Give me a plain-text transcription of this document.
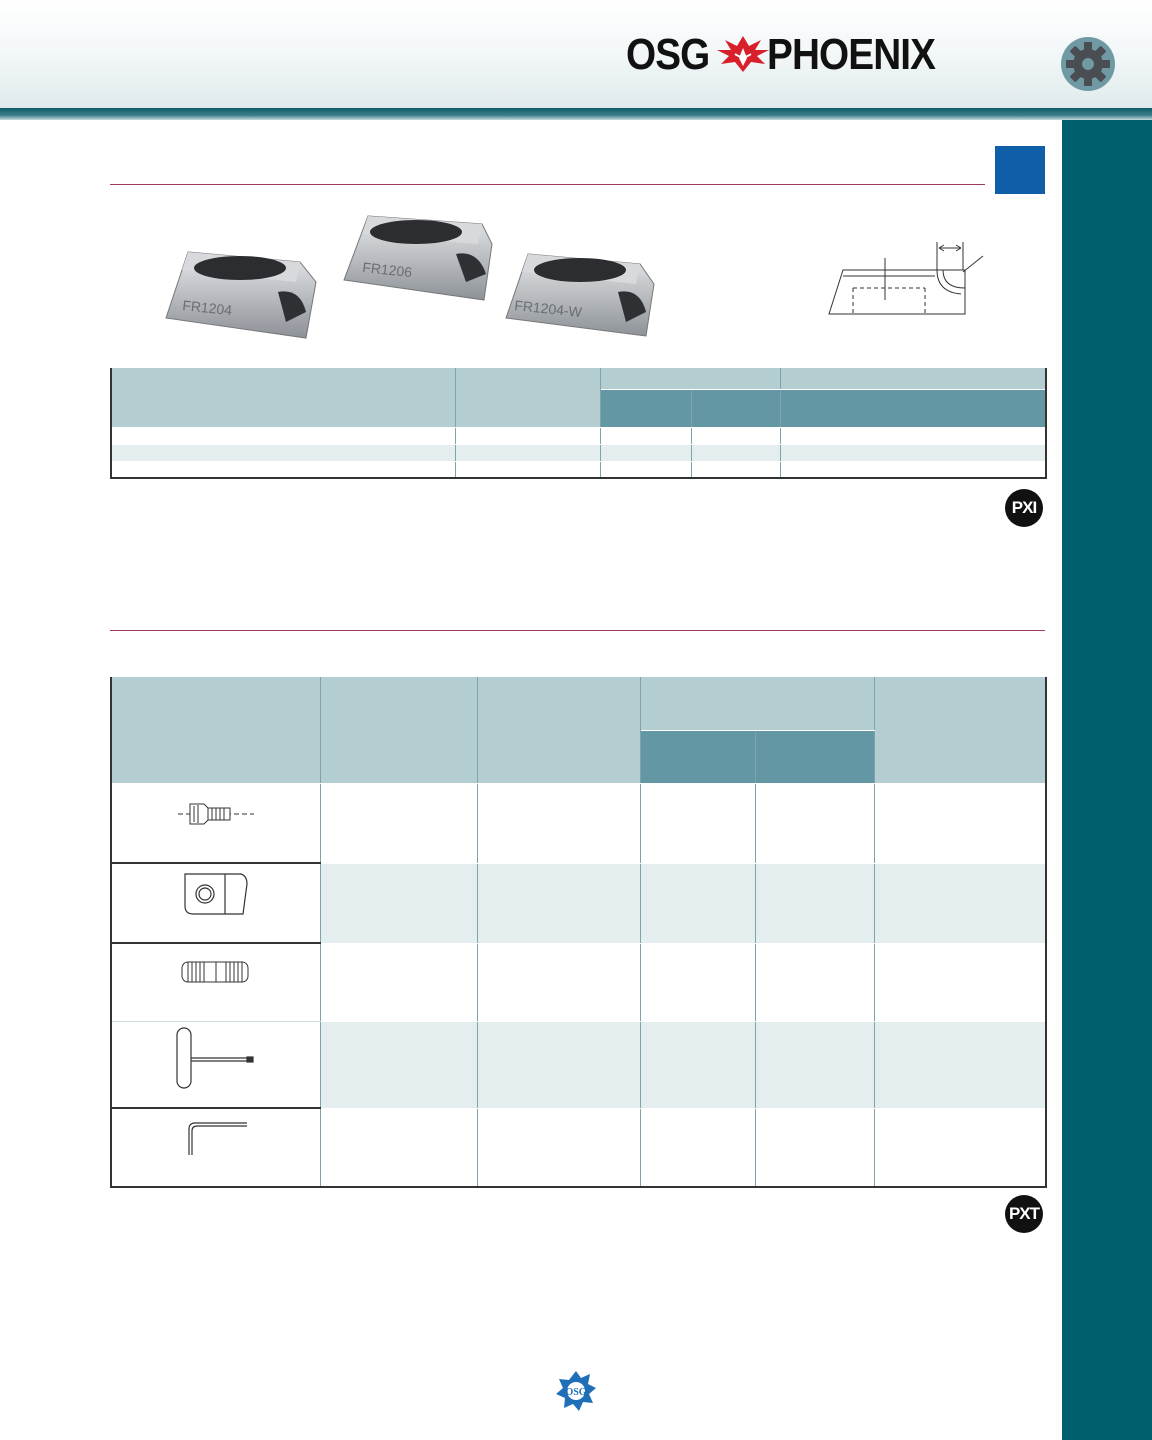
OSG PHOENIX
FR1204
FR1206
FR1204-W

PXI

PXT
OSG
